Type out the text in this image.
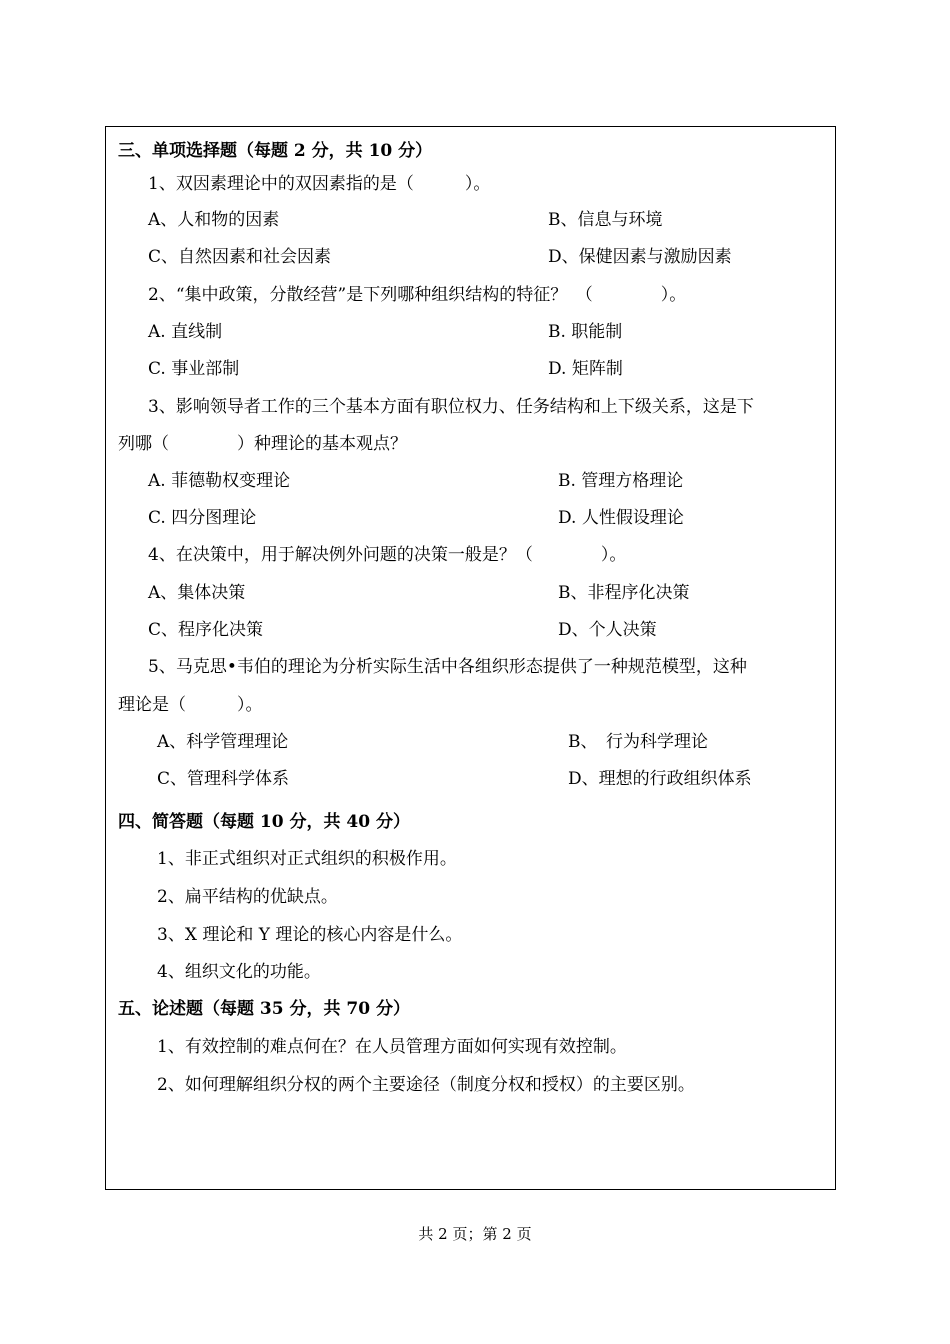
三、单项选择题（每题 2 分，共 10 分）
1、双因素理论中的双因素指的是（　　　）。
A、人和物的因素	B、信息与环境
C、自然因素和社会因素	D、保健因素与激励因素
2、“集中政策，分散经营”是下列哪种组织结构的特征？　（　　　　）。
A. 直线制	B. 职能制
C. 事业部制	D. 矩阵制
3、影响领导者工作的三个基本方面有职位权力、任务结构和上下级关系，这是下
列哪（　　　　）种理论的基本观点？
A. 菲德勒权变理论	B. 管理方格理论
C. 四分图理论	D. 人性假设理论
4、在决策中，用于解决例外问题的决策一般是？（　　　　）。
A、集体决策	B、非程序化决策
C、程序化决策	D、个人决策
5、马克思•韦伯的理论为分析实际生活中各组织形态提供了一种规范模型，这种
理论是（　　　）。
A、科学管理理论	B、　行为科学理论
C、管理科学体系	D、理想的行政组织体系
四、简答题（每题 10 分，共 40 分）
1、非正式组织对正式组织的积极作用。
2、扁平结构的优缺点。
3、X 理论和 Y 理论的核心内容是什么。
4、组织文化的功能。
五、论述题（每题 35 分，共 70 分）
1、有效控制的难点何在？在人员管理方面如何实现有效控制。
2、如何理解组织分权的两个主要途径（制度分权和授权）的主要区别。
共 2 页；第 2 页
